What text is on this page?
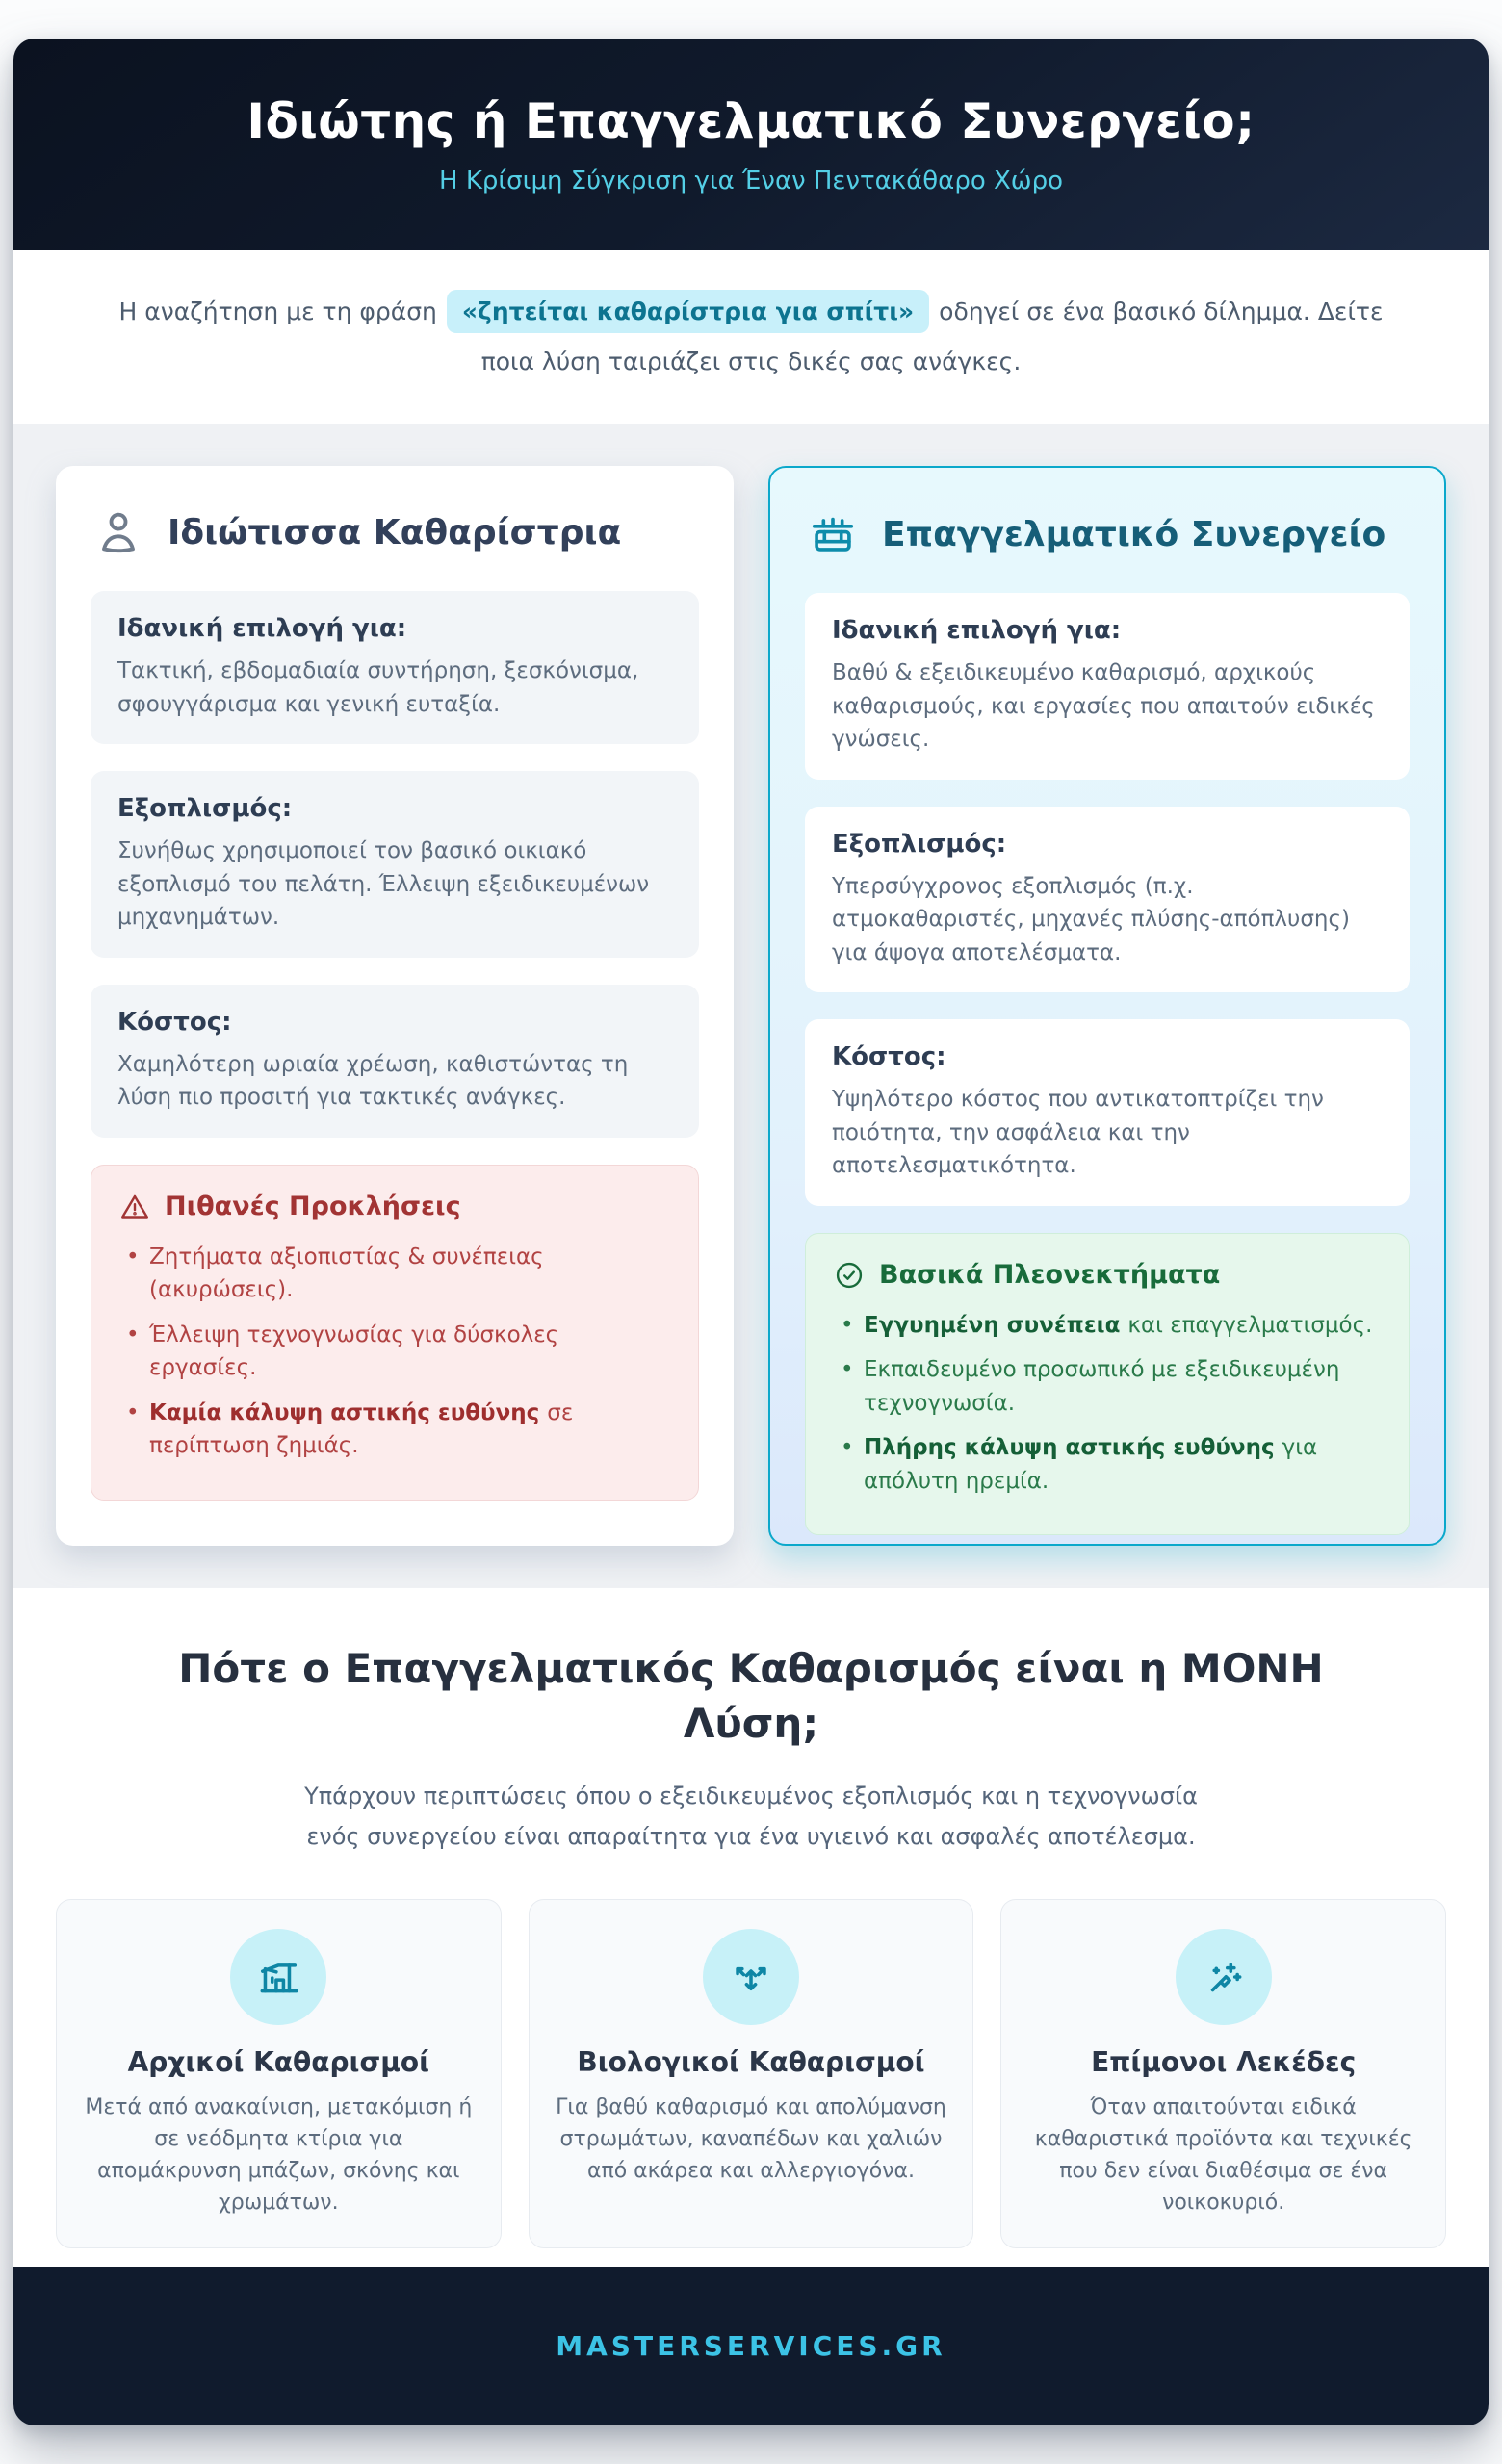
Ιδιώτης ή Επαγγελματικό Συνεργείο;
Η Κρίσιμη Σύγκριση για Έναν Πεντακάθαρο Χώρο

Η αναζήτηση με τη φράση «ζητείται καθαρίστρια για σπίτι» οδηγεί σε ένα βασικό δίλημμα. Δείτε ποια λύση ταιριάζει στις δικές σας ανάγκες.

Ιδιώτισσα Καθαρίστρια
Ιδανική επιλογή για:

Τακτική, εβδομαδιαία συντήρηση, ξεσκόνισμα, σφουγγάρισμα και γενική ευταξία.

Εξοπλισμός:

Συνήθως χρησιμοποιεί τον βασικό οικιακό εξοπλισμό του πελάτη. Έλλειψη εξειδικευμένων μηχανημάτων.

Κόστος:

Χαμηλότερη ωριαία χρέωση, καθιστώντας τη λύση πιο προσιτή για τακτικές ανάγκες.

Πιθανές Προκλήσεις
• Ζητήματα αξιοπιστίας & συνέπειας (ακυρώσεις).
• Έλλειψη τεχνογνωσίας για δύσκολες εργασίες.
• Καμία κάλυψη αστικής ευθύνης σε περίπτωση ζημιάς.
Επαγγελματικό Συνεργείο
Ιδανική επιλογή για:

Βαθύ & εξειδικευμένο καθαρισμό, αρχικούς καθαρισμούς, και εργασίες που απαιτούν ειδικές γνώσεις.

Εξοπλισμός:

Υπερσύγχρονος εξοπλισμός (π.χ. ατμοκαθαριστές, μηχανές πλύσης-απόπλυσης) για άψογα αποτελέσματα.

Κόστος:

Υψηλότερο κόστος που αντικατοπτρίζει την ποιότητα, την ασφάλεια και την αποτελεσματικότητα.

Βασικά Πλεονεκτήματα
• Εγγυημένη συνέπεια και επαγγελματισμός.
• Εκπαιδευμένο προσωπικό με εξειδικευμένη τεχνογνωσία.
• Πλήρης κάλυψη αστικής ευθύνης για απόλυτη ηρεμία.
Πότε ο Επαγγελματικός Καθαρισμός είναι η ΜΟΝΗ Λύση;

Υπάρχουν περιπτώσεις όπου ο εξειδικευμένος εξοπλισμός και η τεχνογνωσία ενός συνεργείου είναι απαραίτητα για ένα υγιεινό και ασφαλές αποτέλεσμα.

Αρχικοί Καθαρισμοί

Μετά από ανακαίνιση, μετακόμιση ή σε νεόδμητα κτίρια για απομάκρυνση μπάζων, σκόνης και χρωμάτων.

Βιολογικοί Καθαρισμοί

Για βαθύ καθαρισμό και απολύμανση στρωμάτων, καναπέδων και χαλιών από ακάρεα και αλλεργιογόνα.

Επίμονοι Λεκέδες

Όταν απαιτούνται ειδικά καθαριστικά προϊόντα και τεχνικές που δεν είναι διαθέσιμα σε ένα νοικοκυριό.

MASTERSERVICES.GR
